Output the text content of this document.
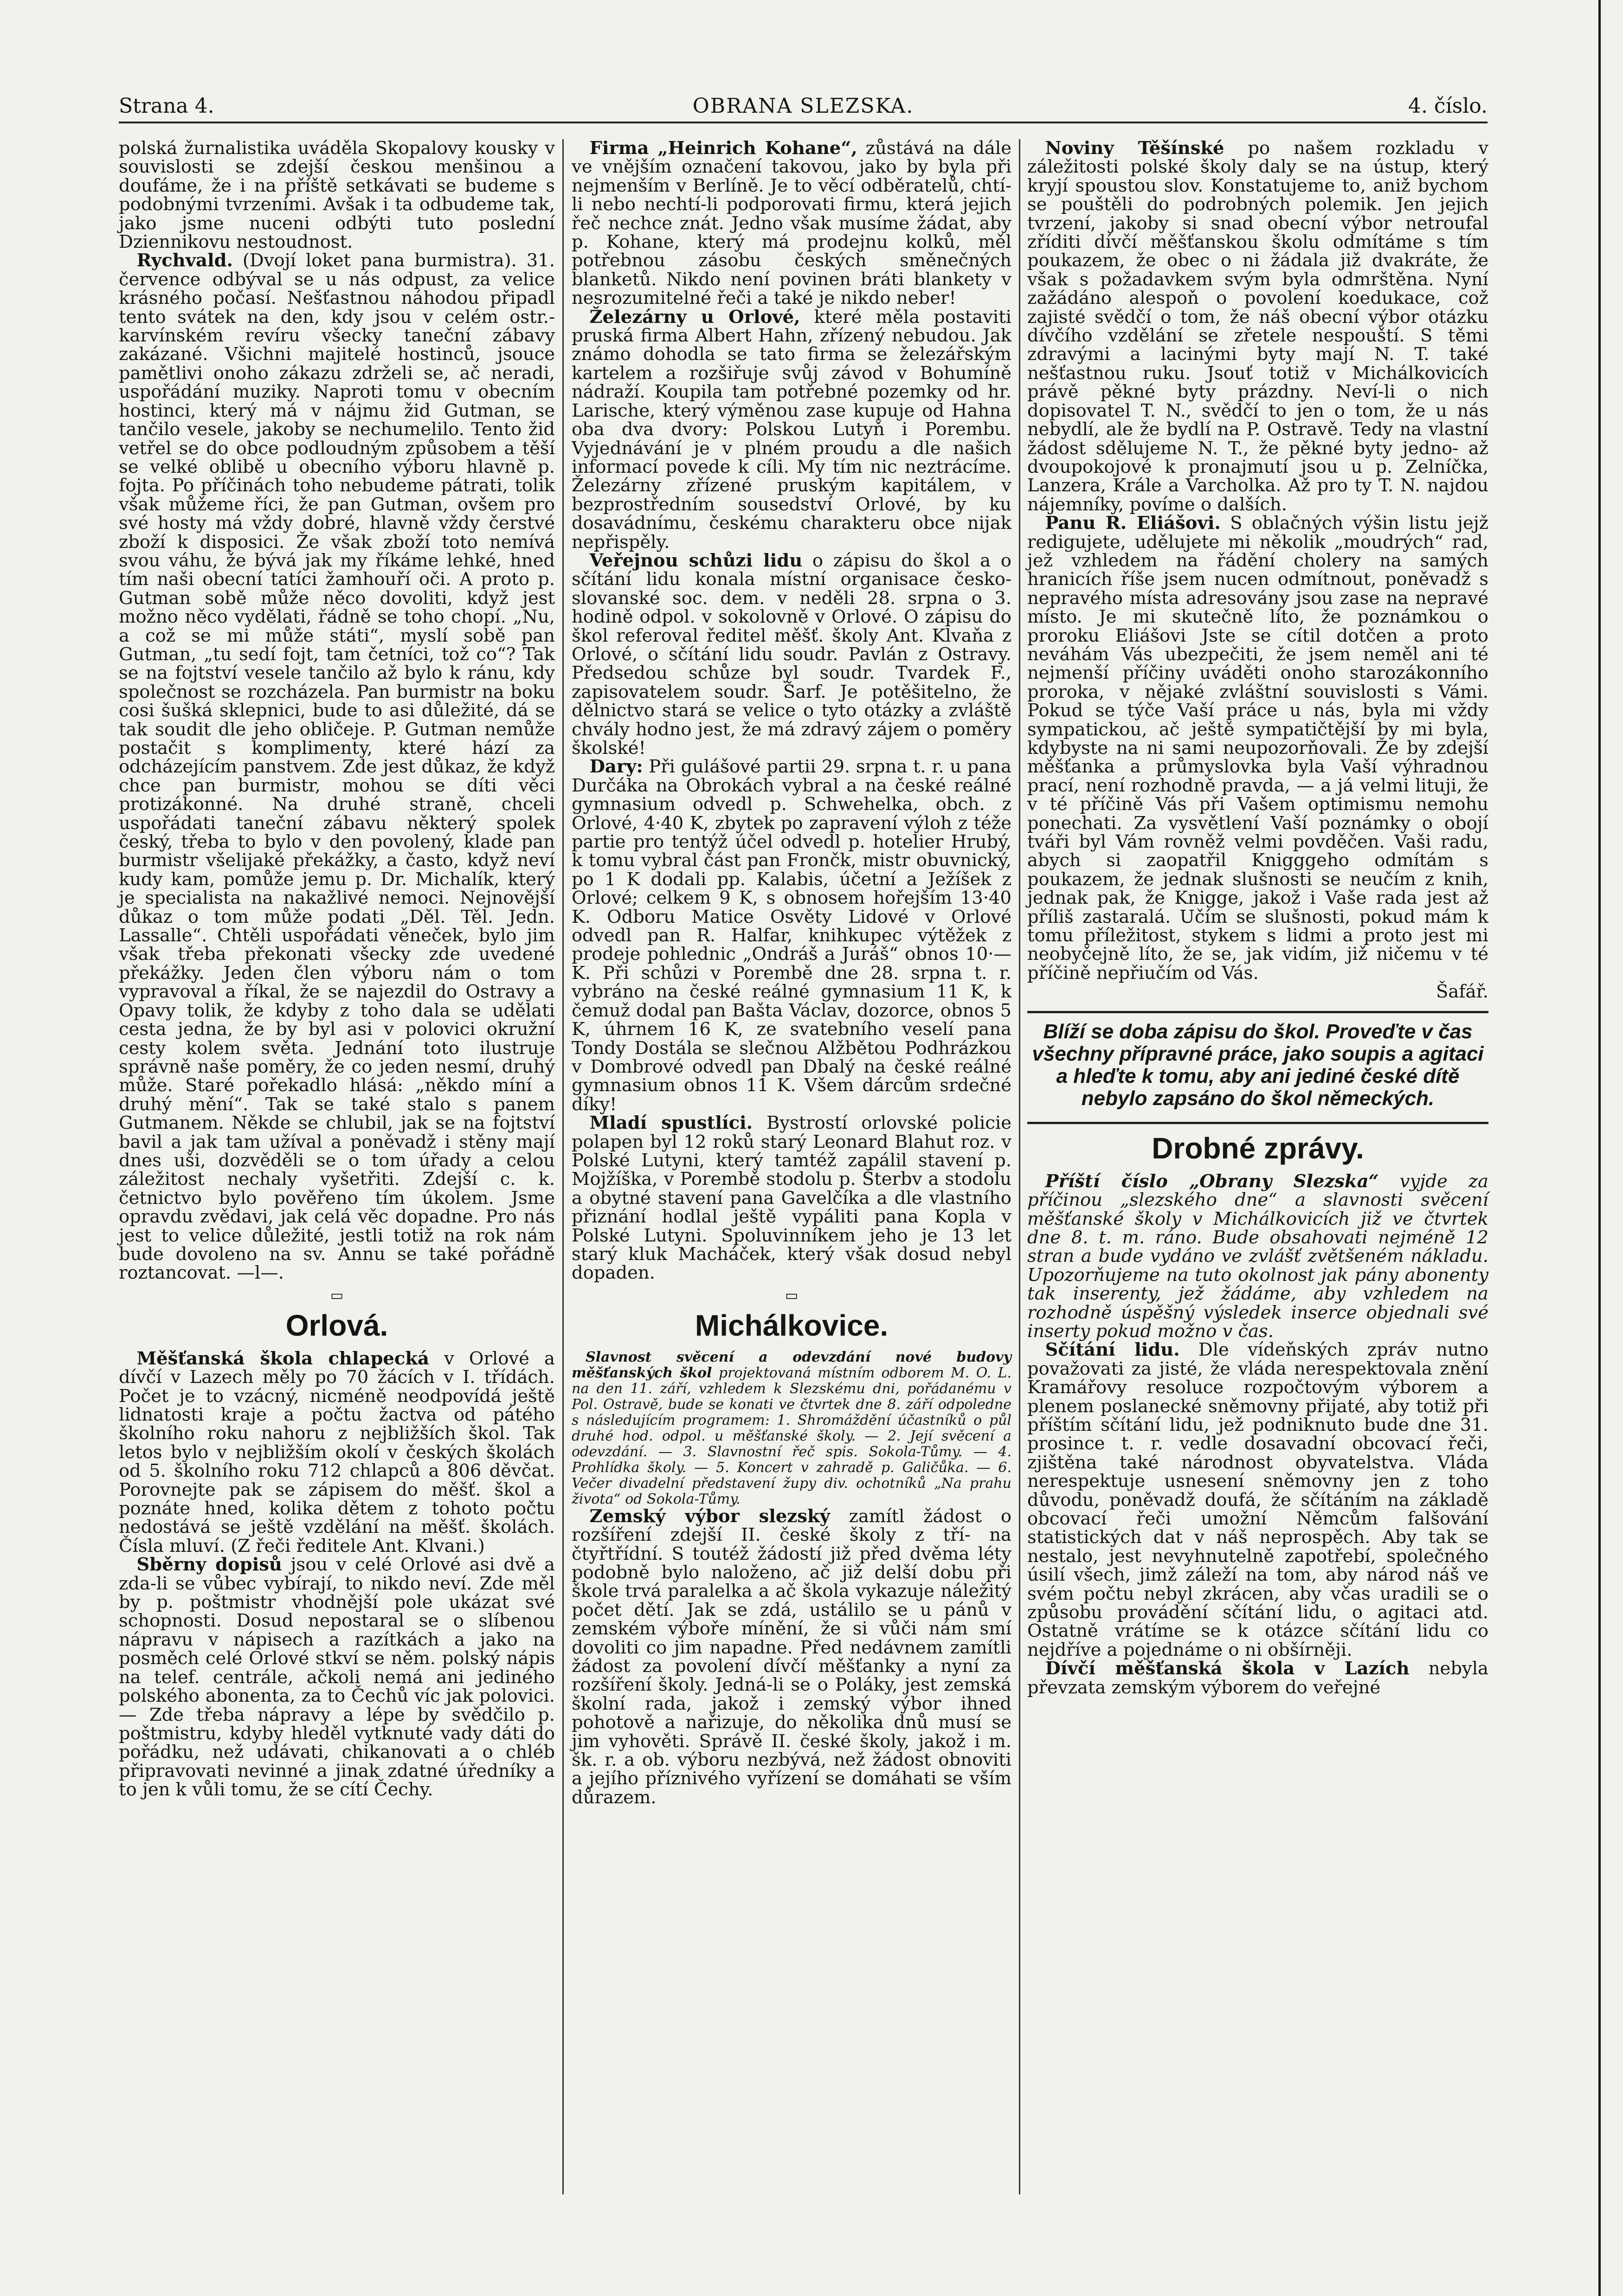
Strana 4.	OBRANA SLEZSKA.	4. číslo.

polská žurnalistika uváděla Skopalovy kousky v souvislosti se zdejší českou menšinou a doufáme, že i na příště setkávati se budeme s podobnými tvrzeními. Avšak i ta odbudeme tak, jako jsme nuceni odbýti tuto poslední Dziennikovu nestoudnost.

 Rychvald. (Dvojí loket pana burmistra). 31. července odbýval se u nás odpust, za velice krásného počasí. Nešťastnou náhodou připadl tento svátek na den, kdy jsou v celém ostr.-karvínském revíru všecky taneční zábavy zakázané. Všichni majitelé hostinců, jsouce pamětlivi onoho zákazu zdrželi se, ač neradi, uspořádání muziky. Naproti tomu v obecním hostinci, který má v nájmu žid Gutman, se tančilo vesele, jakoby se nechumelilo. Tento žid vetřel se do obce podloudným způsobem a těší se velké oblibě u obecního výboru hlavně p. fojta. Po příčinách toho nebudeme pátrati, tolik však můžeme říci, že pan Gutman, ovšem pro své hosty má vždy dobré, hlavně vždy čerstvé zboží k disposici. Že však zboží toto nemívá svou váhu, že bývá jak my říkáme lehké, hned tím naši obecní tatíci žamhouří oči. A proto p. Gutman sobě může něco dovoliti, když jest možno něco vydělati, řádně se toho chopí. „Nu, a což se mi může státi“, myslí sobě pan Gutman, „tu sedí fojt, tam četníci, tož co“? Tak se na fojtství vesele tančilo až bylo k ránu, kdy společnost se rozcházela. Pan burmistr na boku cosi šušká sklepnici, bude to asi důležité, dá se tak soudit dle jeho obličeje. P. Gutman nemůže postačit s komplimenty, které hází za odcházejícím panstvem. Zde jest důkaz, že když chce pan burmistr, mohou se díti věci protizákonné. Na druhé straně, chceli uspořádati taneční zábavu některý spolek český, třeba to bylo v den povolený, klade pan burmistr všelijaké překážky, a často, když neví kudy kam, pomůže jemu p. Dr. Michalík, který je specialista na nakažlivé nemoci. Nejnovější důkaz o tom může podati „Děl. Těl. Jedn. Lassalle“. Chtěli uspořádati věneček, bylo jim však třeba překonati všecky zde uvedené překážky. Jeden člen výboru nám o tom vypravoval a říkal, že se najezdil do Ostravy a Opavy tolik, že kdyby z toho dala se udělati cesta jedna, že by byl asi v polovici okružní cesty kolem světa. Jednání toto ilustruje správně naše poměry, že co jeden nesmí, druhý může. Staré pořekadlo hlásá: „někdo míní a druhý mění“. Tak se také stalo s panem Gutmanem. Někde se chlubil, jak se na fojtství bavil a jak tam užíval a poněvadž i stěny mají dnes uši, dozvěděli se o tom úřady a celou záležitost nechaly vyšetřiti. Zdejší c. k. četnictvo bylo pověřeno tím úkolem. Jsme opravdu zvědavi, jak celá věc dopadne. Pro nás jest to velice důležité, jestli totiž na rok nám bude dovoleno na sv. Annu se také pořádně roztancovat. —l—.

▭
Orlová.

 Měšťanská škola chlapecká v Orlové a dívčí v Lazech měly po 70 žácích v I. třídách. Počet je to vzácný, nicméně neodpovídá ještě lidnatosti kraje a počtu žactva od pátého školního roku nahoru z nejbližších škol. Tak letos bylo v nejbližším okolí v českých školách od 5. školního roku 712 chlapců a 806 děvčat. Porovnejte pak se zápisem do měšť. škol a poznáte hned, kolika dětem z tohoto počtu nedostává se ještě vzdělání na měšť. školách. Čísla mluví. (Z řeči ředitele Ant. Klvani.)

 Sběrny dopisů jsou v celé Orlové asi dvě a zda-li se vůbec vybírají, to nikdo neví. Zde měl by p. poštmistr vhodnější pole ukázat své schopnosti. Dosud nepostaral se o slíbenou nápravu v nápisech a razítkách a jako na posměch celé Orlové stkví se něm. polský nápis na telef. centrále, ačkoli nemá ani jediného polského abonenta, za to Čechů víc jak polovici. — Zde třeba nápravy a lépe by svědčilo p. poštmistru, kdyby hleděl vytknuté vady dáti do pořádku, než udávati, chikanovati a o chléb připravovati nevinné a jinak zdatné úředníky a to jen k vůli tomu, že se cítí Čechy.

 Firma „Heinrich Kohane“, zůstává na dále ve vnějším označení takovou, jako by byla při nejmenším v Berlíně. Je to věcí odběratelů, chtí-li nebo nechtí-li podporovati firmu, která jejich řeč nechce znát. Jedno však musíme žádat, aby p. Kohane, který má prodejnu kolků, měl potřebnou zásobu českých směnečných blanketů. Nikdo není povinen bráti blankety v nesrozumitelné řeči a také je nikdo neber!

 Železárny u Orlové, které měla postaviti pruská firma Albert Hahn, zřízený nebudou. Jak známo dohodla se tato firma se železářským kartelem a rozšiřuje svůj závod v Bohumíně nádraží. Koupila tam potřebné pozemky od hr. Larische, který výměnou zase kupuje od Hahna oba dva dvory: Polskou Lutyň i Porembu. Vyjednávání je v plném proudu a dle našich informací povede k cíli. My tím nic neztrácíme. Železárny zřízené pruským kapitálem, v bezprostředním sousedství Orlové, by ku dosavádnímu, českému charakteru obce nijak nepřispěly.

 Veřejnou schůzi lidu o zápisu do škol a o sčítání lidu konala místní organisace česko-slovanské soc. dem. v neděli 28. srpna o 3. hodině odpol. v sokolovně v Orlové. O zápisu do škol referoval ředitel měšť. školy Ant. Klvaňa z Orlové, o sčítání lidu soudr. Pavlán z Ostravy. Předsedou schůze byl soudr. Tvardek F., zapisovatelem soudr. Šarf. Je potěšitelno, že dělnictvo stará se velice o tyto otázky a zvláště chvály hodno jest, že má zdravý zájem o poměry školské!

 Dary: Při gulášové partii 29. srpna t. r. u pana Durčáka na Obrokách vybral a na české reálné gymnasium odvedl p. Schwehelka, obch. z Orlové, 4·40 K, zbytek po zapravení výloh z téže partie pro tentýž účel odvedl p. hotelier Hrubý, k tomu vybral část pan Frončk, mistr obuvnický, po 1 K dodali pp. Kalabis, účetní a Ježíšek z Orlové; celkem 9 K, s obnosem hořejším 13·40 K. Odboru Matice Osvěty Lidové v Orlové odvedl pan R. Halfar, knihkupec výtěžek z prodeje pohlednic „Ondráš a Juráš“ obnos 10·— K. Při schůzi v Porembě dne 28. srpna t. r. vybráno na české reálné gymnasium 11 K, k čemuž dodal pan Bašta Václav, dozorce, obnos 5 K, úhrnem 16 K, ze svatebního veselí pana Tondy Dostála se slečnou Alžbětou Podhrázkou v Dombrové odvedl pan Dbalý na české reálné gymnasium obnos 11 K. Všem dárcům srdečné díky!

 Mladí spustlíci. Bystrostí orlovské policie polapen byl 12 roků starý Leonard Blahut roz. v Polské Lutyni, který tamtéž zapálil stavení p. Mojžíška, v Porembě stodolu p. Šterbv a stodolu a obytné stavení pana Gavelčíka a dle vlastního přiznání hodlal ještě vypáliti pana Kopla v Polské Lutyni. Spoluvinníkem jeho je 13 let starý kluk Macháček, který však dosud nebyl dopaden.

▭
Michálkovice.

 Slavnost svěcení a odevzdání nové budovy měšťanských škol projektovaná místním odborem M. O. L. na den 11. září, vzhledem k Slezskému dni, pořádanému v Pol. Ostravě, bude se konati ve čtvrtek dne 8. září odpoledne s následujícím programem: 1. Shromáždění účastníků o půl druhé hod. odpol. u měšťanské školy. — 2. Její svěcení a odevzdání. — 3. Slavnostní řeč spis. Sokola-Tůmy. — 4. Prohlídka školy. — 5. Koncert v zahradě p. Galičůka. — 6. Večer divadelní představení župy div. ochotníků „Na prahu života“ od Sokola-Tůmy.

 Zemský výbor slezský zamítl žádost o rozšíření zdejší II. české školy z tří- na čtyřtřídní. S toutéž žádostí již před dvěma léty podobně bylo naloženo, ač již delší dobu při škole trvá paralelka a ač škola vykazuje náležitý počet dětí. Jak se zdá, ustálilo se u pánů v zemském výboře mínění, že si vůči nám smí dovoliti co jim napadne. Před nedávnem zamítli žádost za povolení dívčí měšťanky a nyní za rozšíření školy. Jedná-li se o Poláky, jest zemská školní rada, jakož i zemský výbor ihned pohotově a nařizuje, do několika dnů musí se jim vyhověti. Správě II. české školy, jakož i m. šk. r. a ob. výboru nezbývá, než žádost obnoviti a jejího příznivého vyřízení se domáhati se vším důrazem.

 Noviny Těšínské po našem rozkladu v záležitosti polské školy daly se na ústup, který kryjí spoustou slov. Konstatujeme to, aniž bychom se pouštěli do podrobných polemik. Jen jejich tvrzení, jakoby si snad obecní výbor netroufal zříditi dívčí měšťanskou školu odmítáme s tím poukazem, že obec o ni žádala již dvakráte, že však s požadavkem svým byla odmrštěna. Nyní zažádáno alespoň o povolení koedukace, což zajisté svědčí o tom, že náš obecní výbor otázku dívčího vzdělání se zřetele nespouští. S těmi zdravými a lacinými byty mají N. T. také nešťastnou ruku. Jsouť totiž v Michálkovicích právě pěkné byty prázdny. Neví-li o nich dopisovatel T. N., svědčí to jen o tom, že u nás nebydlí, ale že bydlí na P. Ostravě. Tedy na vlastní žádost sdělujeme N. T., že pěkné byty jedno- až dvoupokojové k pronajmutí jsou u p. Zelníčka, Lanzera, Krále a Varcholka. Až pro ty T. N. najdou nájemníky, povíme o dalších.

 Panu R. Eliášovi. S oblačných výšin listu jejž redigujete, udělujete mi několik „moudrých“ rad, jež vzhledem na řádění cholery na samých hranicích říše jsem nucen odmítnout, poněvadž s nepravého místa adresovány jsou zase na nepravé místo. Je mi skutečně líto, že poznámkou o proroku Eliášovi Jste se cítil dotčen a proto neváhám Vás ubezpečiti, že jsem neměl ani té nejmenší příčiny uváděti onoho starozákonního proroka, v nějaké zvláštní souvislosti s Vámi. Pokud se týče Vaší práce u nás, byla mi vždy sympatickou, ač ještě sympatičtější by mi byla, kdybyste na ni sami neupozorňovali. Že by zdejší měšťanka a průmyslovka byla Vaší výhradnou prací, není rozhodně pravda, — a já velmi lituji, že v té příčině Vás při Vašem optimismu nemohu ponechati. Za vysvětlení Vaší poznámky o obojí tváři byl Vám rovněž velmi povděčen. Vaši radu, abych si zaopatřil Knigggeho odmítám s poukazem, že jednak slušnosti se neučím z knih, jednak pak, že Knigge, jakož i Vaše rada jest až příliš zastaralá. Učím se slušnosti, pokud mám k tomu příležitost, stykem s lidmi a proto jest mi neobyčejně líto, že se, jak vidím, již ničemu v té příčině nepřiučím od Vás.

Šafář.

Blíží se doba zápisu do škol. Proveďte v čas všechny přípravné práce, jako soupis a agitaci a hleďte k tomu, aby ani jediné české dítě nebylo zapsáno do škol německých.
Drobné zprávy.

 Příští číslo „Obrany Slezska“ vyjde za příčinou „slezského dne“ a slavnosti svěcení měšťanské školy v Michálkovicích již ve čtvrtek dne 8. t. m. ráno. Bude obsahovati nejméně 12 stran a bude vydáno ve zvlášť zvětšeném nákladu. Upozorňujeme na tuto okolnost jak pány abonenty tak inserenty, jež žádáme, aby vzhledem na rozhodně úspěšný výsledek inserce objednali své inserty pokud možno v čas.

 Sčítání lidu. Dle vídeňských zpráv nutno považovati za jisté, že vláda nerespektovala znění Kramářovy resoluce rozpočtovým výborem a plenem poslanecké sněmovny přijaté, aby totiž při příštím sčítání lidu, jež podniknuto bude dne 31. prosince t. r. vedle dosavadní obcovací řeči, zjištěna také národnost obyvatelstva. Vláda nerespektuje usnesení sněmovny jen z toho důvodu, poněvadž doufá, že sčítáním na základě obcovací řeči umožní Němcům falšování statistických dat v náš neprospěch. Aby tak se nestalo, jest nevyhnutelně zapotřebí, společného úsilí všech, jimž záleží na tom, aby národ náš ve svém počtu nebyl zkrácen, aby včas uradili se o způsobu provádění sčítání lidu, o agitaci atd. Ostatně vrátíme se k otázce sčítání lidu co nejdříve a pojednáme o ni obšírněji.

 Dívčí měšťanská škola v Lazích nebyla převzata zemským výborem do veřejné
